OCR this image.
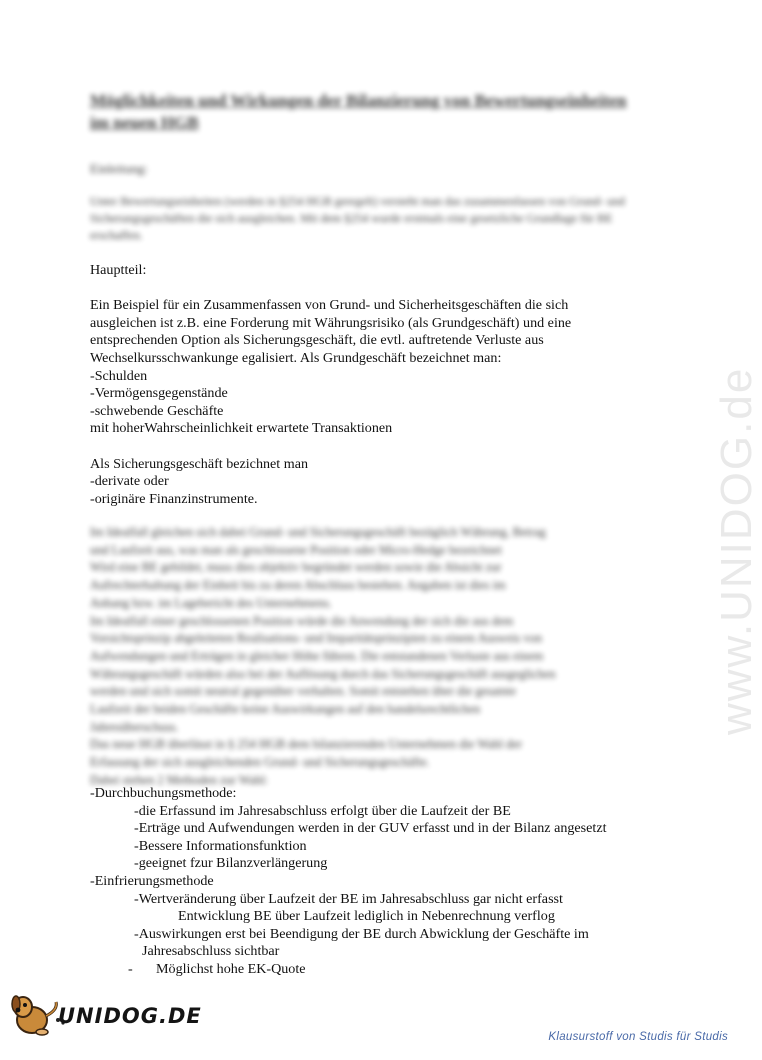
www.UNIDOG.de
Möglichkeiten und Wirkungen der Bilanzierung von Bewertungseinheiten im neuen HGB
Einleitung:
Unter Bewertungseinheiten (werden in §254 HGB geregelt) versteht man das zusammenfassen von Grund- und Sicherungsgeschäften die sich ausgleichen. Mit dem §254 wurde erstmals eine gesetzliche Grundlage für BE erschaffen.

Hauptteil:

Ein Beispiel für ein Zusammenfassen von Grund- und Sicherheitsgeschäften die sich

ausgleichen ist z.B. eine Forderung mit Währungsrisiko (als Grundgeschäft) und eine

entsprechenden Option als Sicherungsgeschäft, die evtl. auftretende Verluste aus

Wechselkursschwankunge egalisiert. Als Grundgeschäft bezeichnet man:

-Schulden

-Vermögensgegenstände

-schwebende Geschäfte

mit hoherWahrscheinlichkeit erwartete Transaktionen

Als Sicherungsgeschäft bezichnet man

-derivate oder

-originäre Finanzinstrumente.

Im Idealfall gleichen sich dabei Grund- und Sicherungsgeschäft bezüglich Währung, Betrag

und Laufzeit aus, was man als geschlossene Position oder Micro-Hedge bezeichnet

Wird eine BE gebildet, muss dies objektiv begründet werden sowie die Absicht zur

Aufrechterhaltung der Einheit bis zu deren Abschluss bestehen. Angaben ist dies im

Anhang bzw. im Lagebericht des Unternehmens.

Im Idealfall einer geschlossenen Position würde die Anwendung der sich die aus dem

Vorsichtsprinzip abgeleiteten Realisations- und Imparitätsprinzipien zu einem Ausweis von

Aufwendungen und Erträgen in gleicher Höhe führen. Die entstandenen Verluste aus einem

Währungsgeschäft würden also bei der Auflösung durch das Sicherungsgeschäft ausgeglichen

werden und sich somit neutral gegenüber verhalten. Somit entstehen über die gesamte

Laufzeit der beiden Geschäfte keine Auswirkungen auf den handelsrechtlichen

Jahresüberschuss.

Das neue HGB überlässt in § 254 HGB dem bilanzierenden Unternehmen die Wahl der

Erfassung der sich ausgleichenden Grund- und Sicherungsgeschäfte.

Dabei stehen 2 Methoden zur Wahl:

-Durchbuchungsmethode:

-die Erfassund im Jahresabschluss erfolgt über die Laufzeit der BE

-Erträge und Aufwendungen werden in der GUV erfasst und in der Bilanz angesetzt

-Bessere Informationsfunktion

-geeignet fzur Bilanzverlängerung

-Einfrierungsmethode

-Wertveränderung über Laufzeit der BE im Jahresabschluss gar nicht erfasst

Entwicklung BE über Laufzeit lediglich in Nebenrechnung verflog

-Auswirkungen erst bei Beendigung der BE durch Abwicklung der Geschäfte im

Jahresabschluss sichtbar

- Möglichst hohe EK-Quote

UNIDOG.DE
Klausurstoff von Studis für Studis
